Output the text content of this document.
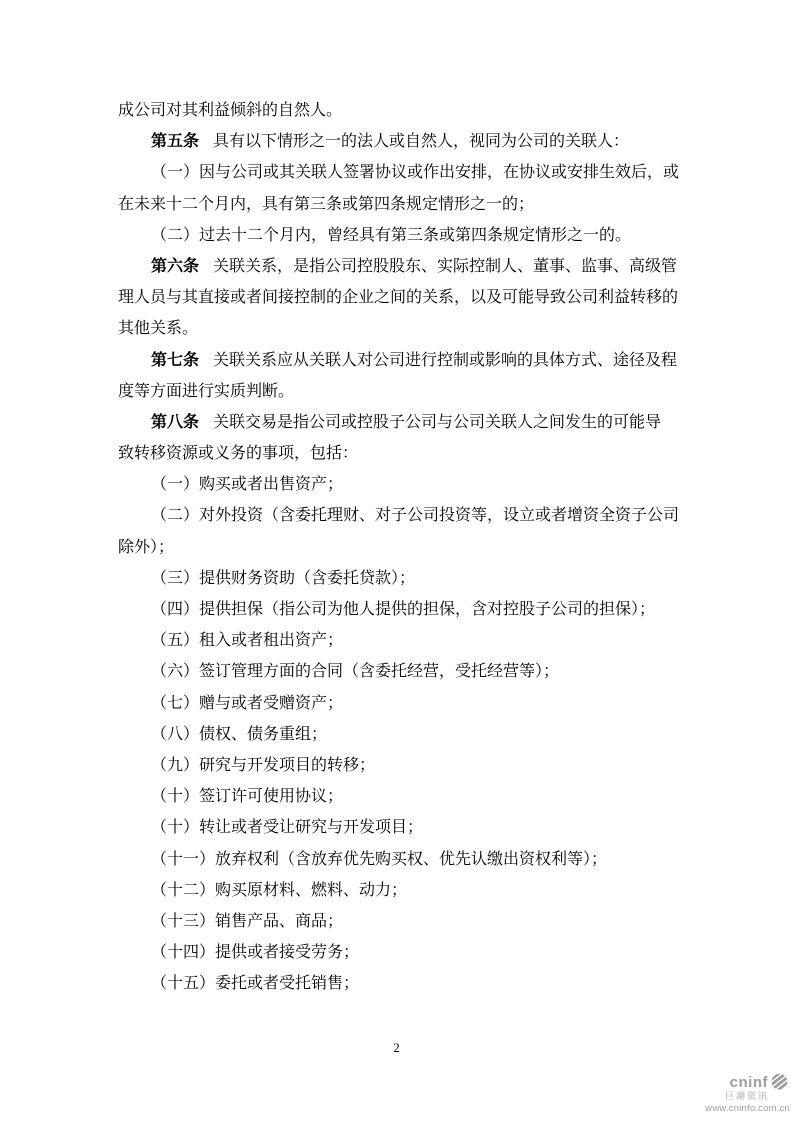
成公司对其利益倾斜的自然人。
第五条 具有以下情形之一的法人或自然人，视同为公司的关联人：
（一）因与公司或其关联人签署协议或作出安排，在协议或安排生效后，或
在未来十二个月内，具有第三条或第四条规定情形之一的；
（二）过去十二个月内，曾经具有第三条或第四条规定情形之一的。
第六条 关联关系，是指公司控股股东、实际控制人、董事、监事、高级管
理人员与其直接或者间接控制的企业之间的关系，以及可能导致公司利益转移的
其他关系。
第七条 关联关系应从关联人对公司进行控制或影响的具体方式、途径及程
度等方面进行实质判断。
第八条 关联交易是指公司或控股子公司与公司关联人之间发生的可能导
致转移资源或义务的事项，包括：
（一）购买或者出售资产；
（二）对外投资（含委托理财、对子公司投资等，设立或者增资全资子公司
除外）；
（三）提供财务资助（含委托贷款）；
（四）提供担保（指公司为他人提供的担保，含对控股子公司的担保）；
（五）租入或者租出资产；
（六）签订管理方面的合同（含委托经营，受托经营等）；
（七）赠与或者受赠资产；
（八）债权、债务重组；
（九）研究与开发项目的转移；
（十）签订许可使用协议；
（十）转让或者受让研究与开发项目；
（十一）放弃权利（含放弃优先购买权、优先认缴出资权利等）；
（十二）购买原材料、燃料、动力；
（十三）销售产品、商品；
（十四）提供或者接受劳务；
（十五）委托或者受托销售；
2
cninf
巨潮资讯
www.cninfo.com.cn
